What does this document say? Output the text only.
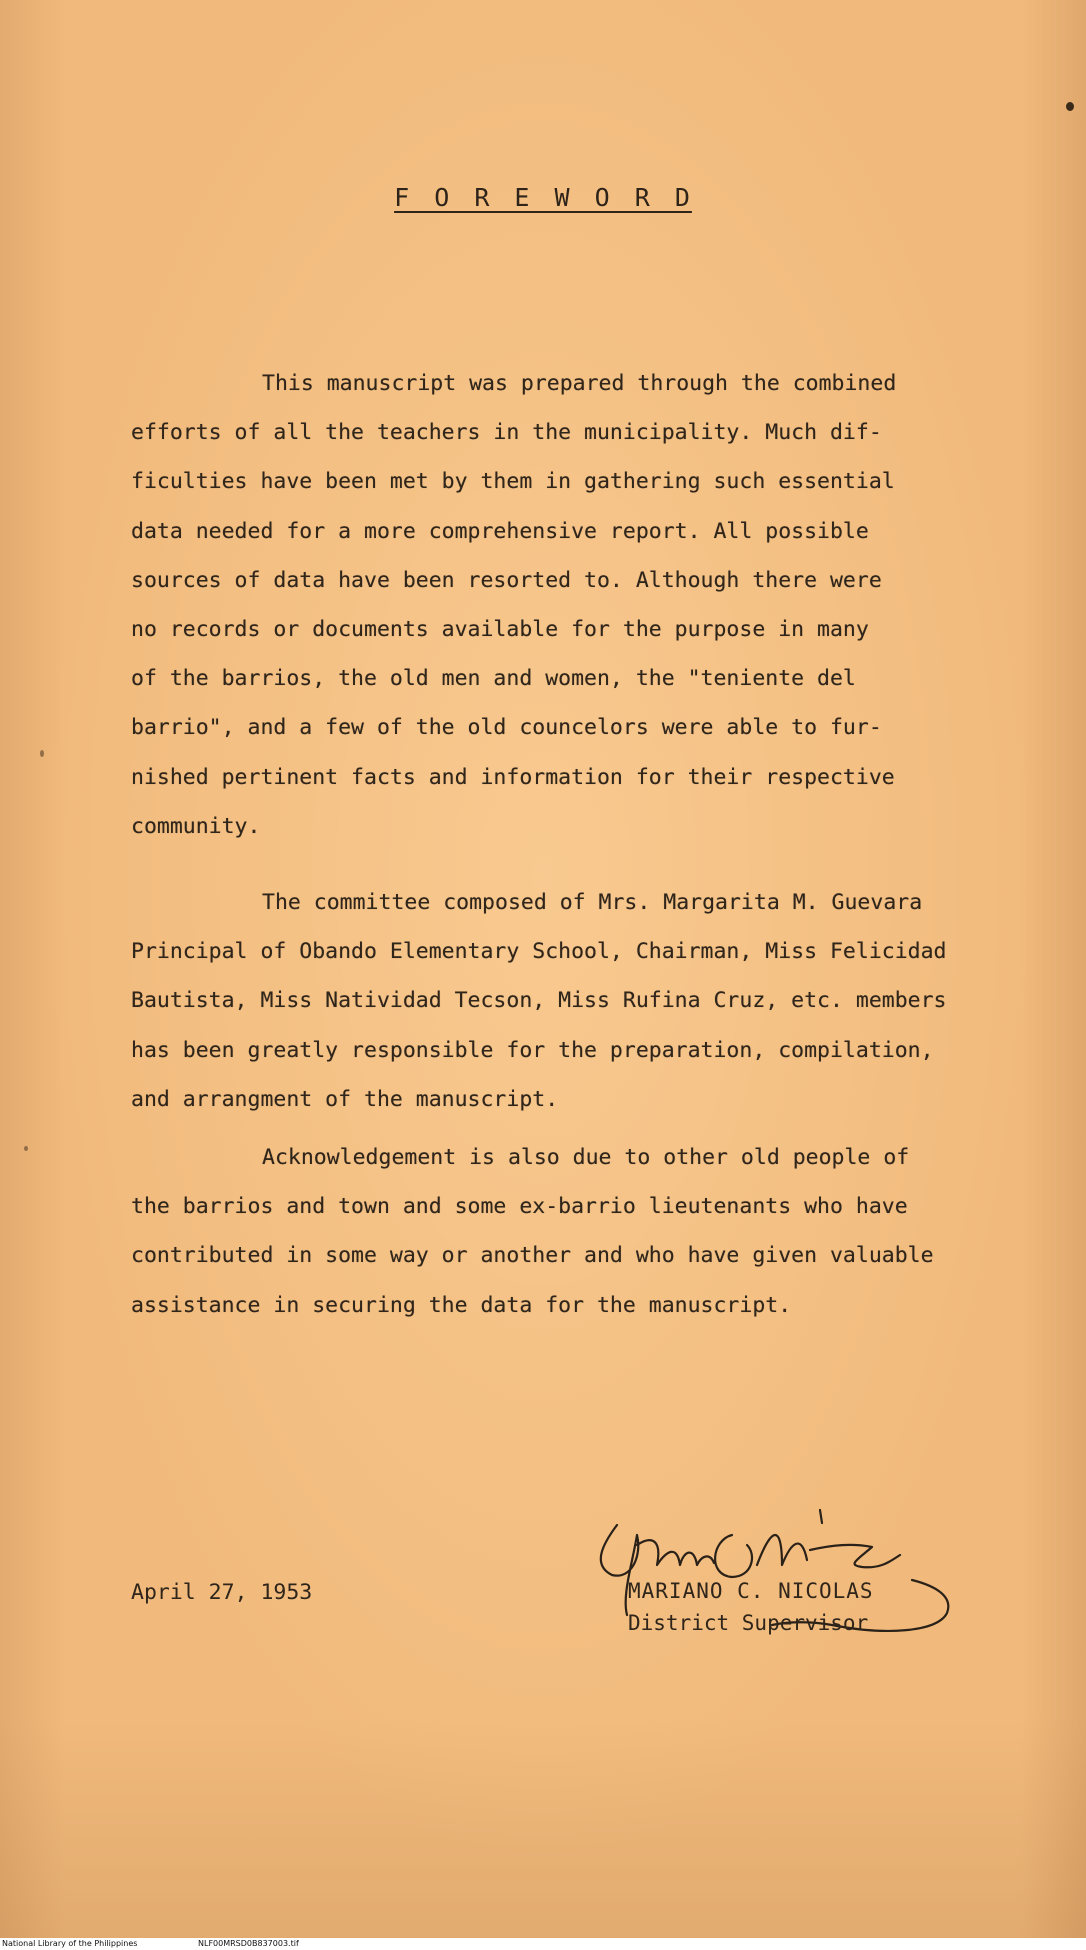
F O R E W O R D
This manuscript was prepared through the combined
efforts of all the teachers in the municipality. Much dif-
ficulties have been met by them in gathering such essential
data needed for a more comprehensive report. All possible
sources of data have been resorted to. Although there were
no records or documents available for the purpose in many
of the barrios, the old men and women, the "teniente del
barrio", and a few of the old councelors were able to fur-
nished pertinent facts and information for their respective
community.
The committee composed of Mrs. Margarita M. Guevara
Principal of Obando Elementary School, Chairman, Miss Felicidad
Bautista, Miss Natividad Tecson, Miss Rufina Cruz, etc. members
has been greatly responsible for the preparation, compilation,
and arrangment of the manuscript.
Acknowledgement is also due to other old people of
the barrios and town and some ex-barrio lieutenants who have
contributed in some way or another and who have given valuable
assistance in securing the data for the manuscript.
April 27, 1953	MARIANO C. NICOLAS
District Supervisor
National Library of the Philippines	NLF00MRSD0B837003.tif
